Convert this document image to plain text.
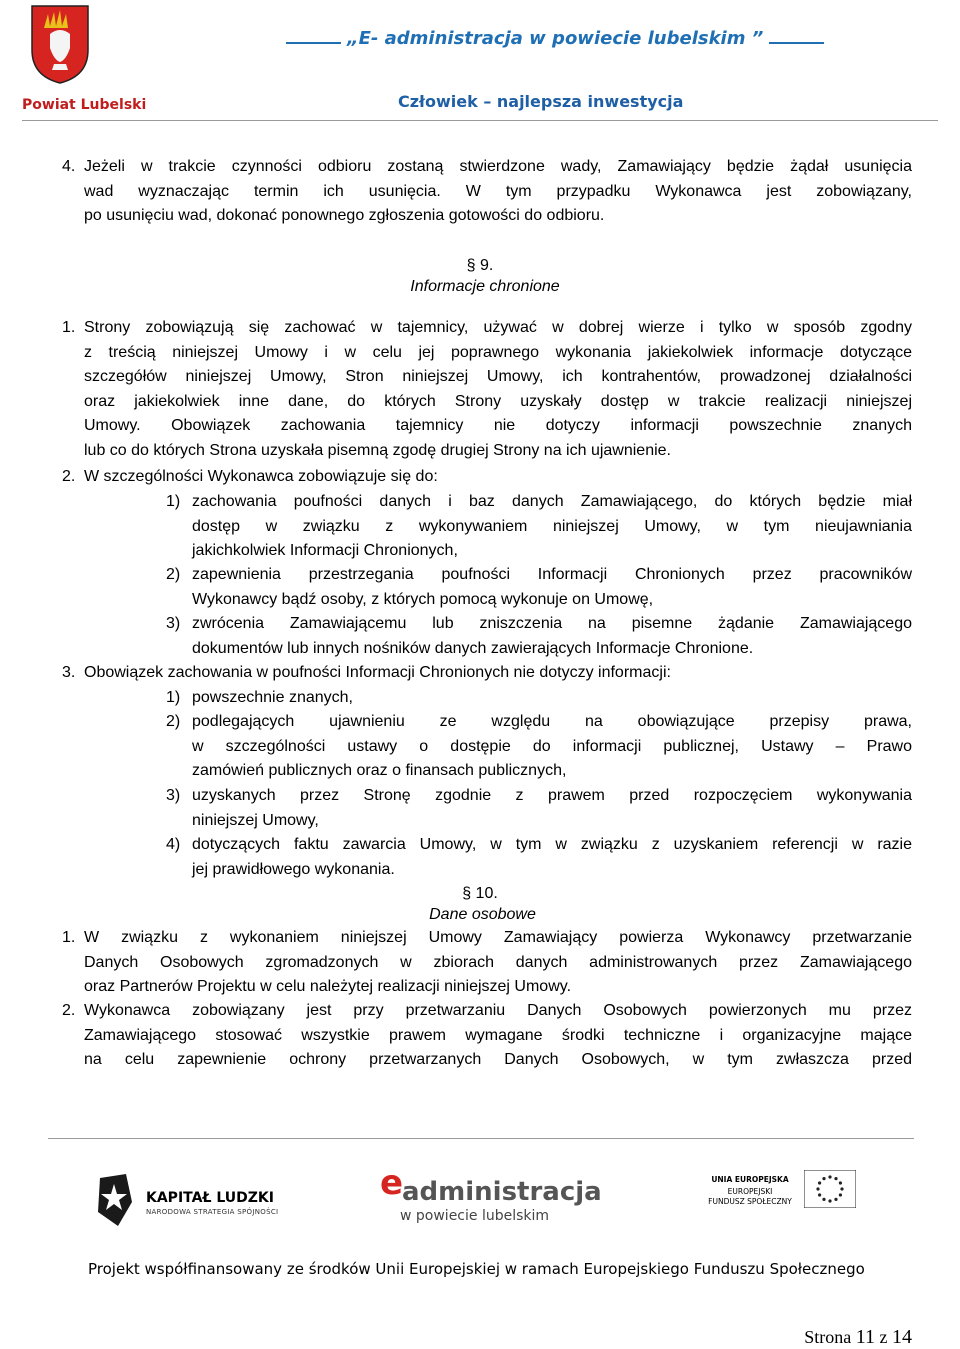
Powiat Lubelski
„E- administracja w powiecie lubelskim ”
Człowiek – najlepsza inwestycja
4. Jeżeli w trakcie czynności odbioru zostaną stwierdzone wady, Zamawiający będzie żądał usunięcia
wad wyznaczając termin ich usunięcia. W tym przypadku Wykonawca jest zobowiązany,
po usunięciu wad, dokonać ponownego zgłoszenia gotowości do odbioru.
§ 9.
Informacje chronione
1. Strony zobowiązują się zachować w tajemnicy, używać w dobrej wierze i tylko w sposób zgodny
z treścią niniejszej Umowy i w celu jej poprawnego wykonania jakiekolwiek informacje dotyczące
szczegółów niniejszej Umowy, Stron niniejszej Umowy, ich kontrahentów, prowadzonej działalności
oraz jakiekolwiek inne dane, do których Strony uzyskały dostęp w trakcie realizacji niniejszej
Umowy. Obowiązek zachowania tajemnicy nie dotyczy informacji powszechnie znanych
lub co do których Strona uzyskała pisemną zgodę drugiej Strony na ich ujawnienie.
2. W szczególności Wykonawca zobowiązuje się do:
1) zachowania poufności danych i baz danych Zamawiającego, do których będzie miał
dostęp w związku z wykonywaniem niniejszej Umowy, w tym nieujawniania
jakichkolwiek Informacji Chronionych,
2) zapewnienia przestrzegania poufności Informacji Chronionych przez pracowników
Wykonawcy bądź osoby, z których pomocą wykonuje on Umowę,
3) zwrócenia Zamawiającemu lub zniszczenia na pisemne żądanie Zamawiającego
dokumentów lub innych nośników danych zawierających Informacje Chronione.
3. Obowiązek zachowania w poufności Informacji Chronionych nie dotyczy informacji:
1) powszechnie znanych,
2) podlegających ujawnieniu ze względu na obowiązujące przepisy prawa,
w szczególności ustawy o dostępie do informacji publicznej, Ustawy – Prawo
zamówień publicznych oraz o finansach publicznych,
3) uzyskanych przez Stronę zgodnie z prawem przed rozpoczęciem wykonywania
niniejszej Umowy,
4) dotyczących faktu zawarcia Umowy, w tym w związku z uzyskaniem referencji w razie
jej prawidłowego wykonania.
§ 10.
Dane osobowe
1. W związku z wykonaniem niniejszej Umowy Zamawiający powierza Wykonawcy przetwarzanie
Danych Osobowych zgromadzonych w zbiorach danych administrowanych przez Zamawiającego
oraz Partnerów Projektu w celu należytej realizacji niniejszej Umowy.
2. Wykonawca zobowiązany jest przy przetwarzaniu Danych Osobowych powierzonych mu przez
Zamawiającego stosować wszystkie prawem wymagane środki techniczne i organizacyjne mające
na celu zapewnienie ochrony przetwarzanych Danych Osobowych, w tym zwłaszcza przed
KAPITAŁ LUDZKI
NARODOWA STRATEGIA SPÓJNOŚCI
e
administracja
w powiecie lubelskim
UNIA EUROPEJSKA
EUROPEJSKI
FUNDUSZ SPOŁECZNY
Projekt współfinansowany ze środków Unii Europejskiej w ramach Europejskiego Funduszu Społecznego
Strona 11 z 14
